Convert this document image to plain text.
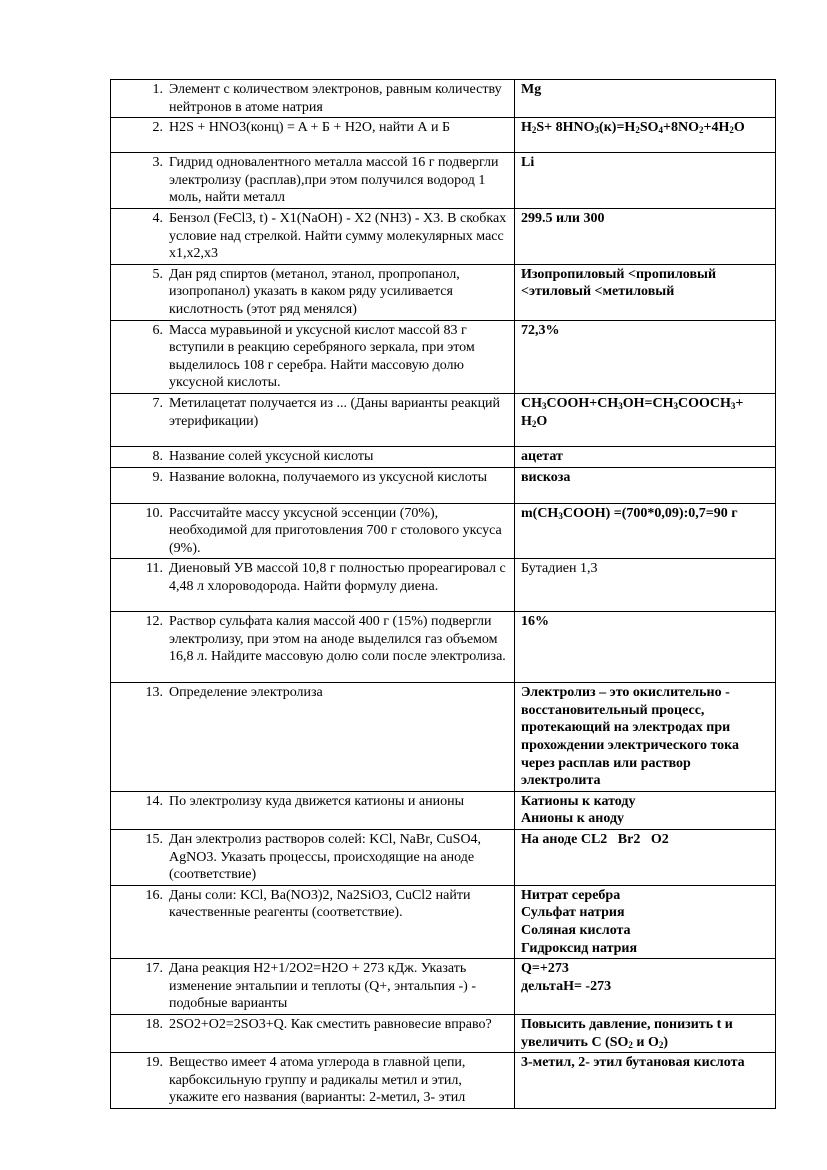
1. Элемент с количеством электронов, равным количеству нейтронов в атоме натрия	Mg

2. H2S + HNO3(конц) = A + Б + H2O, найти А и Б	$H_2S+ 8HNO_3(к)=H_2SO_4+8NO_2+4H_2O$

3. Гидрид одновалентного металла массой 16 г подвергли электролизу (расплав),при этом получился водород 1 моль, найти металл	Li

4. Бензол (FeCl3, t) - X1(NaOH) - X2 (NH3) - X3. В скобках условие над стрелкой. Найти сумму молекулярных масс x1,x2,x3	299.5 или 300

5. Дан ряд спиртов (метанол, этанол, пропропанол, изопропанол) указать в каком ряду усиливается кислотность (этот ряд менялся)	Изопропиловый <пропиловый <этиловый <метиловый

6. Масса муравьиной и уксусной кислот массой 83 г вступили в реакцию серебряного зеркала, при этом выделилось 108 г серебра. Найти массовую долю уксусной кислоты.	72,3%

7. Метилацетат получается из ... (Даны варианты реакций этерификации)	$CH_3COOH+CH_3OH=CH_3COOCH_3+ H_2O$

8. Название солей уксусной кислоты	ацетат

9. Название волокна, получаемого из уксусной кислоты	вискоза

10. Рассчитайте массу уксусной эссенции (70%), необходимой для приготовления 700 г столового уксуса (9%).	$m(CH_3COOH)$ =(700*0,09):0,7=90 г

11. Диеновый УВ массой 10,8 г полностью прореагировал с 4,48 л хлороводорода. Найти формулу диена.	Бутадиен 1,3

12. Раствор сульфата калия массой 400 г (15%) подвергли электролизу, при этом на аноде выделился газ объемом 16,8 л. Найдите массовую долю соли после электролиза.	16%

13. Определение электролиза	Электролиз – это окислительно - восстановительный процесс, протекающий на электродах при прохождении электрического тока через расплав или раствор электролита

14. По электролизу куда движется катионы и анионы	Катионы к катоду
Анионы к аноду

15. Дан электролиз растворов солей: KCl, NaBr, CuSO4, AgNO3. Указать процессы, происходящие на аноде (соответствие)	На аноде CL2   Br2   O2

16. Даны соли: KCl, Ba(NO3)2, Na2SiO3, CuCl2 найти качественные реагенты (соответствие).	Нитрат серебра
Сульфат натрия
Соляная кислота
Гидроксид натрия

17. Дана реакция H2+1/2O2=H2O + 273 кДж. Указать изменение энтальпии и теплоты (Q+, энтальпия -) - подобные варианты	Q=+273
дельтаН= -273

18. 2SO2+O2=2SO3+Q. Как сместить равновесие вправо?	Повысить давление, понизить t и увеличить С ($SO_2$ и $O_2$)

19. Вещество имеет 4 атома углерода в главной цепи, карбоксильную группу и радикалы метил и этил, укажите его названия (варианты: 2-метил, 3- этил	3-метил, 2- этил бутановая кислота
